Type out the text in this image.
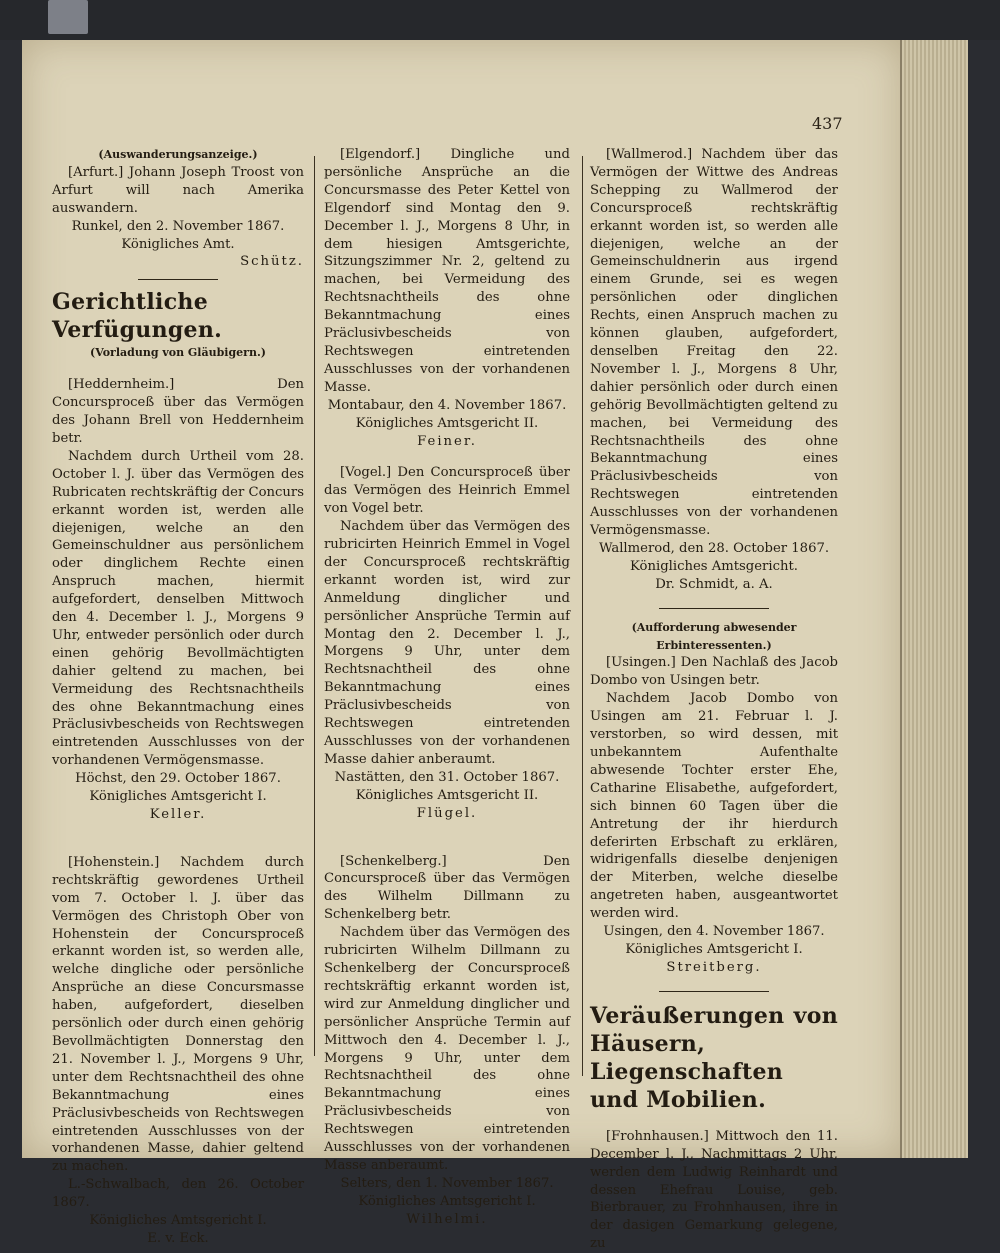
437

(Auswanderungsanzeige.)

[Arfurt.] Johann Joseph Troost von Arfurt will nach Amerika auswandern.

Runkel, den 2. November 1867.

Königliches Amt.

Schütz.

Gerichtliche Verfügungen.

(Vorladung von Gläubigern.)

[Heddernheim.] Den Concursproceß über das Vermögen des Johann Brell von Heddernheim betr.

Nachdem durch Urtheil vom 28. October l. J. über das Vermögen des Rubricaten rechtskräftig der Concurs erkannt worden ist, werden alle diejenigen, welche an den Gemeinschuldner aus persönlichem oder dinglichem Rechte einen Anspruch machen, hiermit aufgefordert, denselben Mittwoch den 4. December l. J., Morgens 9 Uhr, entweder persönlich oder durch einen gehörig Bevollmächtigten dahier geltend zu machen, bei Vermeidung des Rechtsnachtheils des ohne Bekanntmachung eines Präclusivbescheids von Rechtswegen eintretenden Ausschlusses von der vorhandenen Vermögensmasse.

Höchst, den 29. October 1867.

Königliches Amtsgericht I.

Keller.

[Hohenstein.] Nachdem durch rechtskräftig gewordenes Urtheil vom 7. October l. J. über das Vermögen des Christoph Ober von Hohenstein der Concursproceß erkannt worden ist, so werden alle, welche dingliche oder persönliche Ansprüche an diese Concursmasse haben, aufgefordert, dieselben persönlich oder durch einen gehörig Bevollmächtigten Donnerstag den 21. November l. J., Morgens 9 Uhr, unter dem Rechtsnachtheil des ohne Bekanntmachung eines Präclusivbescheids von Rechtswegen eintretenden Ausschlusses von der vorhandenen Masse, dahier geltend zu machen.

L.-Schwalbach, den 26. October 1867.

Königliches Amtsgericht I.

E. v. Eck.

[Elgendorf.] Dingliche und persönliche Ansprüche an die Concursmasse des Peter Kettel von Elgendorf sind Montag den 9. December l. J., Morgens 8 Uhr, in dem hiesigen Amtsgerichte, Sitzungszimmer Nr. 2, geltend zu machen, bei Vermeidung des Rechtsnachtheils des ohne Bekanntmachung eines Präclusivbescheids von Rechtswegen eintretenden Ausschlusses von der vorhandenen Masse.

Montabaur, den 4. November 1867.

Königliches Amtsgericht II.

Feiner.

[Vogel.] Den Concursproceß über das Vermögen des Heinrich Emmel von Vogel betr.

Nachdem über das Vermögen des rubricirten Heinrich Emmel in Vogel der Concursproceß rechtskräftig erkannt worden ist, wird zur Anmeldung dinglicher und persönlicher Ansprüche Termin auf Montag den 2. December l. J., Morgens 9 Uhr, unter dem Rechtsnachtheil des ohne Bekanntmachung eines Präclusivbescheids von Rechtswegen eintretenden Ausschlusses von der vorhandenen Masse dahier anberaumt.

Nastätten, den 31. October 1867.

Königliches Amtsgericht II.

Flügel.

[Schenkelberg.] Den Concursproceß über das Vermögen des Wilhelm Dillmann zu Schenkelberg betr.

Nachdem über das Vermögen des rubricirten Wilhelm Dillmann zu Schenkelberg der Concursproceß rechtskräftig erkannt worden ist, wird zur Anmeldung dinglicher und persönlicher Ansprüche Termin auf Mittwoch den 4. December l. J., Morgens 9 Uhr, unter dem Rechtsnachtheil des ohne Bekanntmachung eines Präclusivbescheids von Rechtswegen eintretenden Ausschlusses von der vorhandenen Masse anberaumt.

Selters, den 1. November 1867.

Königliches Amtsgericht I.

Wilhelmi.

[Wallmerod.] Nachdem über das Vermögen der Wittwe des Andreas Schepping zu Wallmerod der Concursproceß rechtskräftig erkannt worden ist, so werden alle diejenigen, welche an der Gemeinschuldnerin aus irgend einem Grunde, sei es wegen persönlichen oder dinglichen Rechts, einen Anspruch machen zu können glauben, aufgefordert, denselben Freitag den 22. November l. J., Morgens 8 Uhr, dahier persönlich oder durch einen gehörig Bevollmächtigten geltend zu machen, bei Vermeidung des Rechtsnachtheils des ohne Bekanntmachung eines Präclusivbescheids von Rechtswegen eintretenden Ausschlusses von der vorhandenen Vermögensmasse.

Wallmerod, den 28. October 1867.

Königliches Amtsgericht.

Dr. Schmidt, a. A.

(Aufforderung abwesender Erbinteressenten.)

[Usingen.] Den Nachlaß des Jacob Dombo von Usingen betr.

Nachdem Jacob Dombo von Usingen am 21. Februar l. J. verstorben, so wird dessen, mit unbekanntem Aufenthalte abwesende Tochter erster Ehe, Catharine Elisabethe, aufgefordert, sich binnen 60 Tagen über die Antretung der ihr hierdurch deferirten Erbschaft zu erklären, widrigenfalls dieselbe denjenigen der Miterben, welche dieselbe angetreten haben, ausgeantwortet werden wird.

Usingen, den 4. November 1867.

Königliches Amtsgericht I.

Streitberg.

Veräußerungen von Häusern, Liegenschaften und Mobilien.

[Frohnhausen.] Mittwoch den 11. December l. J., Nachmittags 2 Uhr, werden dem Ludwig Reinhardt und dessen Ehefrau Louise, geb. Bierbrauer, zu Frohnhausen, ihre in der dasigen Gemarkung gelegene, zu
